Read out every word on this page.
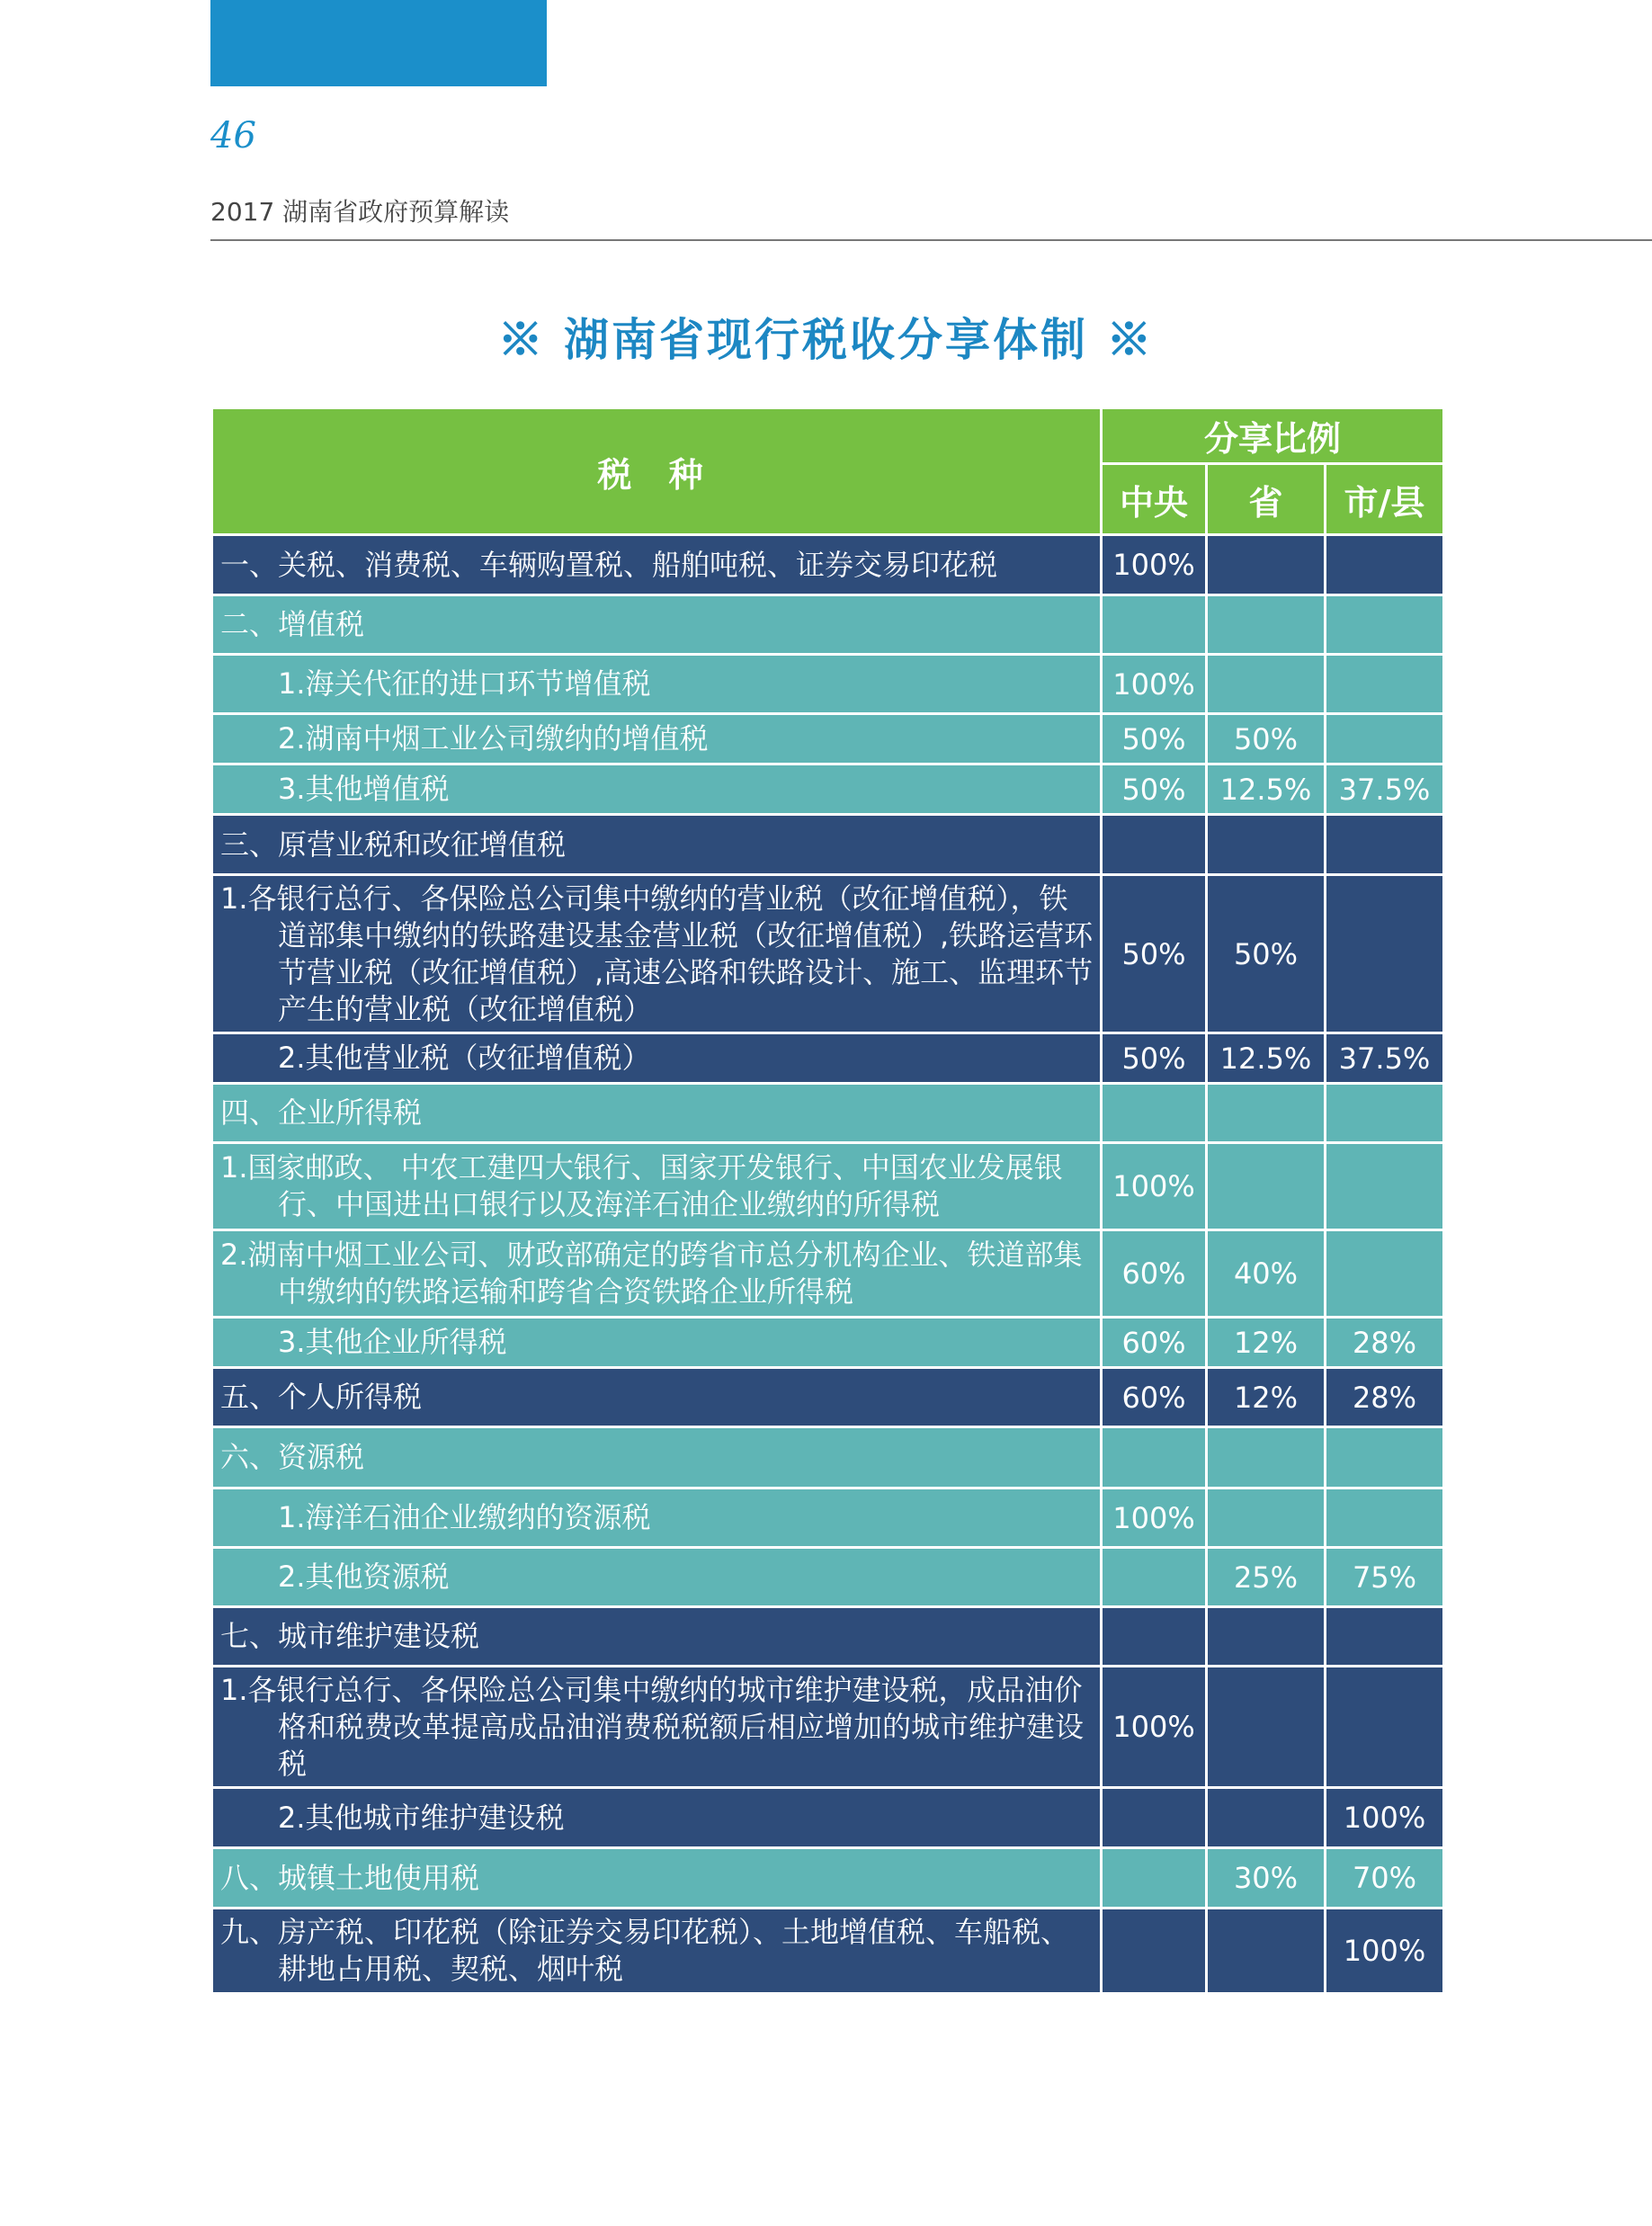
46
2017 湖南省政府预算解读
※ 湖南省现行税收分享体制 ※
税 种	分享比例		
	中央	省	市/县
一、关税、消费税、车辆购置税、船舶吨税、证券交易印花税	100%		
二、增值税			
1.海关代征的进口环节增值税	100%		
2.湖南中烟工业公司缴纳的增值税	50%	50%	
3.其他增值税	50%	12.5%	37.5%
三、原营业税和改征增值税			
1.各银行总行、各保险总公司集中缴纳的营业税（改征增值税），铁道部集中缴纳的铁路建设基金营业税（改征增值税）,铁路运营环节营业税（改征增值税）,高速公路和铁路设计、施工、监理环节产生的营业税（改征增值税）	50%	50%	
2.其他营业税（改征增值税）	50%	12.5%	37.5%
四、企业所得税			
1.国家邮政、 中农工建四大银行、国家开发银行、中国农业发展银行、中国进出口银行以及海洋石油企业缴纳的所得税	100%		
2.湖南中烟工业公司、财政部确定的跨省市总分机构企业、铁道部集中缴纳的铁路运输和跨省合资铁路企业所得税	60%	40%	
3.其他企业所得税	60%	12%	28%
五、个人所得税	60%	12%	28%
六、资源税			
1.海洋石油企业缴纳的资源税	100%		
2.其他资源税		25%	75%
七、城市维护建设税			
1.各银行总行、各保险总公司集中缴纳的城市维护建设税，成品油价格和税费改革提高成品油消费税税额后相应增加的城市维护建设税	100%		
2.其他城市维护建设税			100%
八、城镇土地使用税		30%	70%
九、房产税、印花税（除证券交易印花税）、土地增值税、车船税、耕地占用税、契税、烟叶税			100%
